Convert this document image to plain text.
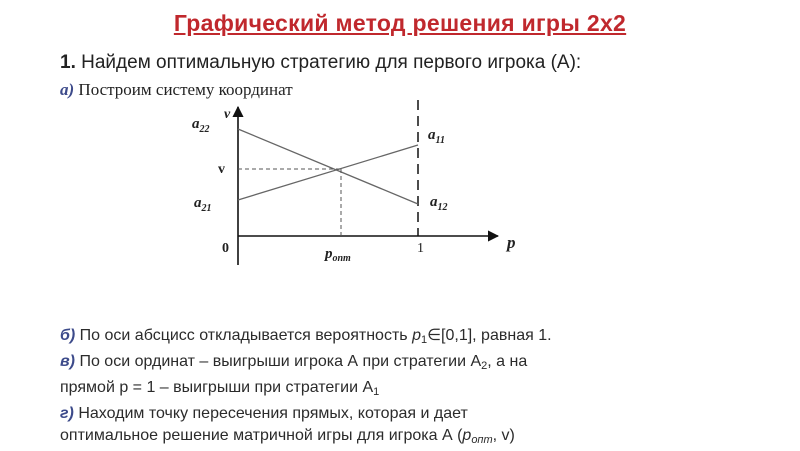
Графический метод решения игры 2х2
1. Найдем оптимальную стратегию для первого игрока (А):
а) Построим систему координат
v
p
0	1
v
$p_{опт}$
$a_{22}$
$a_{21}$
$a_{11}$
$a_{12}$

б) По оси абсцисс откладывается вероятность $p_1\in[0,1]$, равная 1.

в) По оси ординат – выигрыши игрока А при стратегии $А_2$, а на

прямой р = 1 – выигрыши при стратегии $А_1$

г) Находим точку пересечения прямых, которая и дает

оптимальное решение матричной игры для игрока А ($p_{опт}$, v)
